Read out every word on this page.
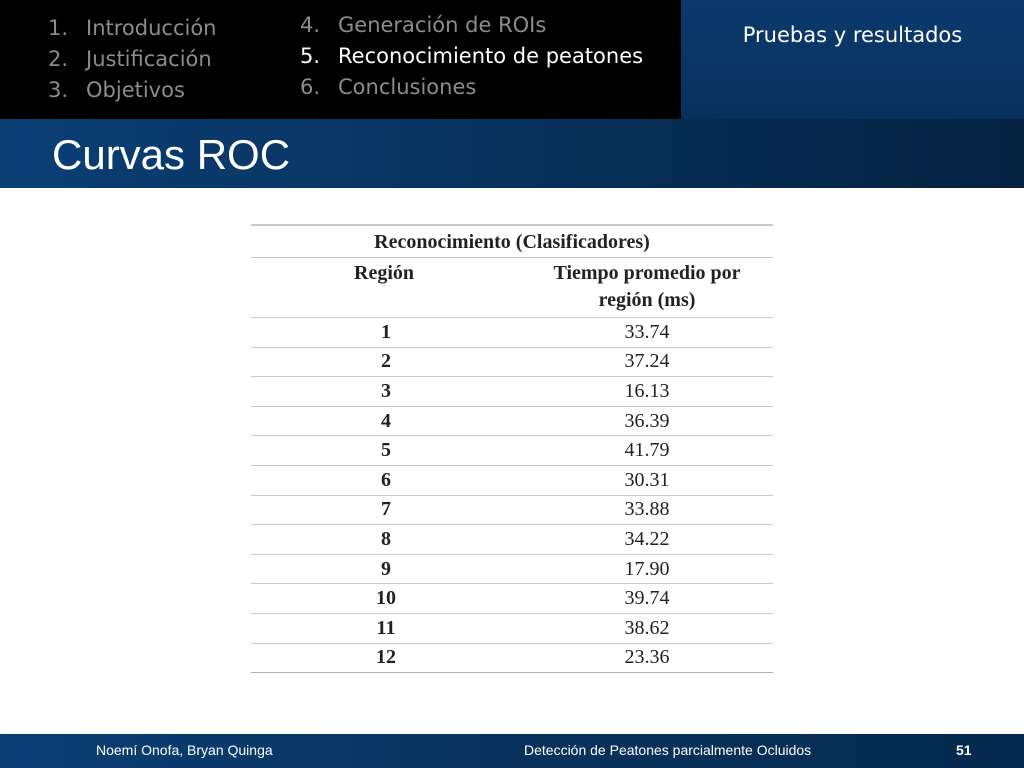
1. Introducción
2. Justificación
3. Objetivos
4. Generación de ROIs
5. Reconocimiento de peatones
6. Conclusiones
Pruebas y resultados
Curvas ROC
Reconocimiento (Clasificadores)
Región	Tiempo promedio por
región (ms)
1	33.74
2	37.24
3	16.13
4	36.39
5	41.79
6	30.31
7	33.88
8	34.22
9	17.90
10	39.74
11	38.62
12	23.36
Noemí Onofa, Bryan Quinga	Detección de Peatones parcialmente Ocluidos	51
